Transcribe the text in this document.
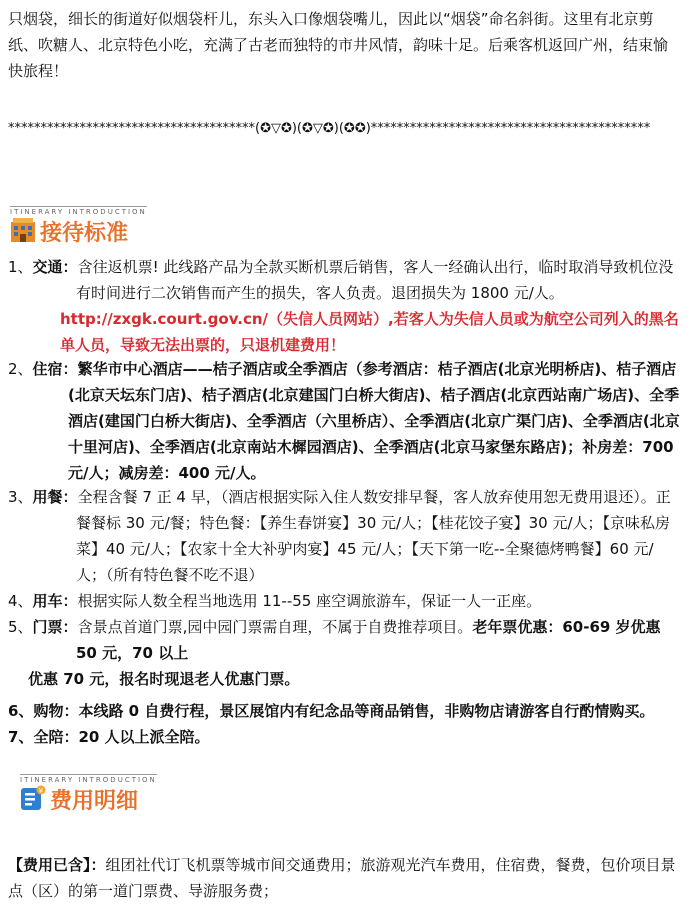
只烟袋，细长的街道好似烟袋杆儿，东头入口像烟袋嘴儿，因此以“烟袋”命名斜街。这里有北京剪纸、吹糖人、北京特色小吃，充满了古老而独特的市井风情，韵味十足。后乘客机返回广州，结束愉快旅程！
**************************************(✪▽✪)(✪▽✪)(✪✪)*******************************************
ITINERARY INTRODUCTION
接待标准
1、交通：含往返机票! 此线路产品为全款买断机票后销售，客人一经确认出行，临时取消导致机位没有时间进行二次销售而产生的损失，客人负责。退团损失为 1800 元/人。
http://zxgk.court.gov.cn/（失信人员网站）,若客人为失信人员或为航空公司列入的黑名单人员，导致无法出票的，只退机建费用！
2、住宿：繁华市中心酒店——桔子酒店或全季酒店（参考酒店：桔子酒店(北京光明桥店)、桔子酒店(北京天坛东门店)、桔子酒店(北京建国门白桥大街店)、桔子酒店(北京西站南广场店)、全季酒店(建国门白桥大街店)、全季酒店（六里桥店）、全季酒店(北京广渠门店)、全季酒店(北京十里河店)、全季酒店(北京南站木樨园酒店)、全季酒店(北京马家堡东路店)；补房差：700 元/人；减房差：400 元/人。
3、用餐：全程含餐 7 正 4 早，（酒店根据实际入住人数安排早餐，客人放弃使用恕无费用退还）。正餐餐标 30 元/餐；特色餐：【养生春饼宴】30 元/人；【桂花饺子宴】30 元/人；【京味私房菜】40 元/人；【农家十全大补驴肉宴】45 元/人；【天下第一吃--全聚德烤鸭餐】60 元/人；（所有特色餐不吃不退）
4、用车：根据实际人数全程当地选用 11--55 座空调旅游车，保证一人一正座。
5、门票：含景点首道门票,园中园门票需自理，不属于自费推荐项目。老年票优惠：60-69 岁优惠 50 元，70 以上
优惠 70 元，报名时现退老人优惠门票。
6、购物：本线路 0 自费行程，景区展馆内有纪念品等商品销售，非购物店请游客自行酌情购买。
7、全陪：20 人以上派全陪。
ITINERARY INTRODUCTION
¥ 费用明细
【费用已含】：组团社代订飞机票等城市间交通费用；旅游观光汽车费用，住宿费，餐费，包价项目景点（区）的第一道门票费、导游服务费；
